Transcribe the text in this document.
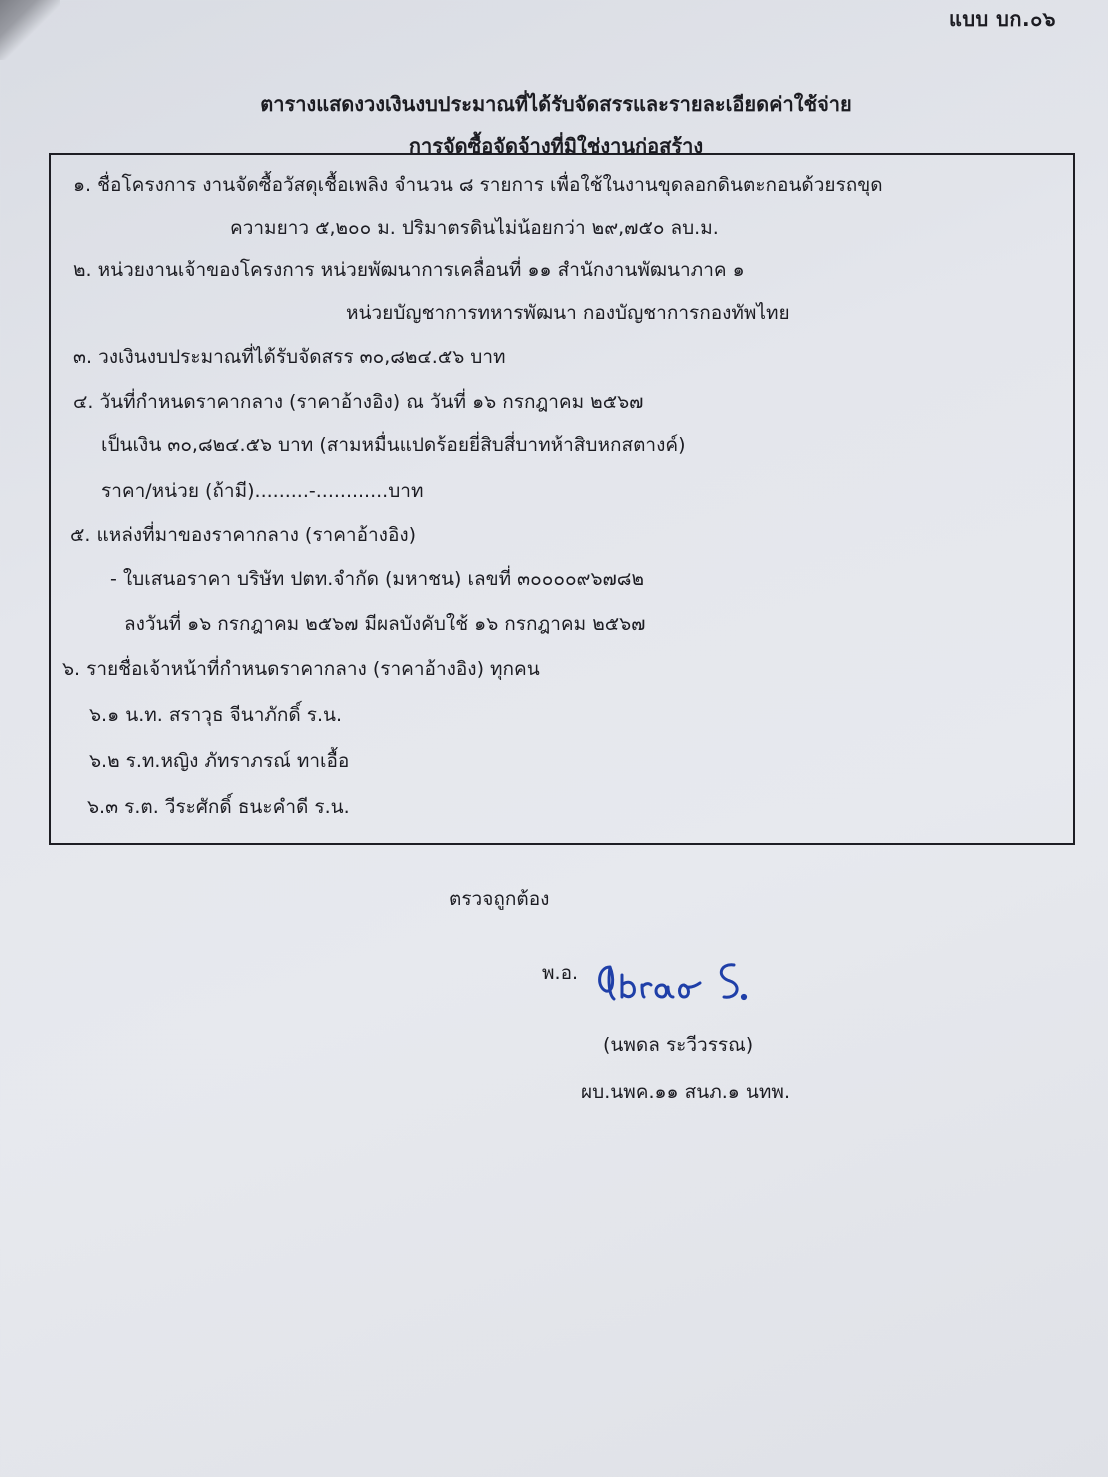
แบบ บก.๐๖
ตารางแสดงวงเงินงบประมาณที่ได้รับจัดสรรและรายละเอียดค่าใช้จ่าย
การจัดซื้อจัดจ้างที่มิใช่งานก่อสร้าง
๑. ชื่อโครงการ งานจัดซื้อวัสดุเชื้อเพลิง จำนวน ๘ รายการ เพื่อใช้ในงานขุดลอกดินตะกอนด้วยรถขุด
ความยาว ๕,๒๐๐ ม. ปริมาตรดินไม่น้อยกว่า ๒๙,๗๕๐ ลบ.ม.
๒. หน่วยงานเจ้าของโครงการ หน่วยพัฒนาการเคลื่อนที่ ๑๑ สำนักงานพัฒนาภาค ๑
หน่วยบัญชาการทหารพัฒนา กองบัญชาการกองทัพไทย
๓. วงเงินงบประมาณที่ได้รับจัดสรร ๓๐,๘๒๔.๕๖ บาท
๔. วันที่กำหนดราคากลาง (ราคาอ้างอิง) ณ วันที่ ๑๖ กรกฎาคม ๒๕๖๗
เป็นเงิน ๓๐,๘๒๔.๕๖ บาท (สามหมื่นแปดร้อยยี่สิบสี่บาทห้าสิบหกสตางค์)
ราคา/หน่วย (ถ้ามี).........-............บาท
๕. แหล่งที่มาของราคากลาง (ราคาอ้างอิง)
- ใบเสนอราคา บริษัท ปตท.จำกัด (มหาชน) เลขที่ ๓๐๐๐๐๙๖๗๘๒
ลงวันที่ ๑๖ กรกฎาคม ๒๕๖๗ มีผลบังคับใช้ ๑๖ กรกฎาคม ๒๕๖๗
๖. รายชื่อเจ้าหน้าที่กำหนดราคากลาง (ราคาอ้างอิง) ทุกคน
๖.๑ น.ท. สราวุธ จีนาภักดิ์ ร.น.
๖.๒ ร.ท.หญิง ภัทราภรณ์ ทาเอื้อ
๖.๓ ร.ต. วีระศักดิ์ ธนะคำดี ร.น.
ตรวจถูกต้อง
พ.อ.
(นพดล ระวีวรรณ)
ผบ.นพค.๑๑ สนภ.๑ นทพ.
